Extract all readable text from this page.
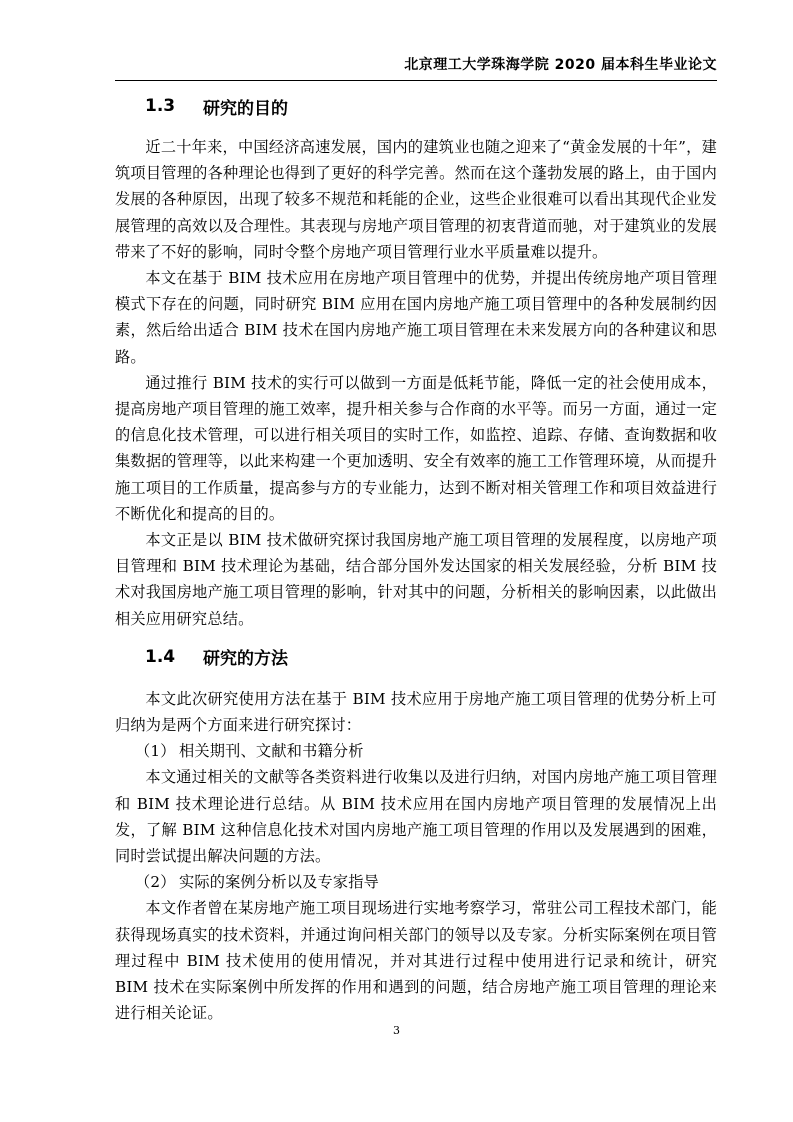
北京理工大学珠海学院 2020 届本科生毕业论文
1.3	研究的目的

近二十年来，中国经济高速发展，国内的建筑业也随之迎来了“黄金发展的十年”，建筑项目管理的各种理论也得到了更好的科学完善。然而在这个蓬勃发展的路上，由于国内发展的各种原因，出现了较多不规范和耗能的企业，这些企业很难可以看出其现代企业发展管理的高效以及合理性。其表现与房地产项目管理的初衷背道而驰，对于建筑业的发展带来了不好的影响，同时令整个房地产项目管理行业水平质量难以提升。

本文在基于 BIM 技术应用在房地产项目管理中的优势，并提出传统房地产项目管理模式下存在的问题，同时研究 BIM 应用在国内房地产施工项目管理中的各种发展制约因素，然后给出适合 BIM 技术在国内房地产施工项目管理在未来发展方向的各种建议和思路。

通过推行 BIM 技术的实行可以做到一方面是低耗节能，降低一定的社会使用成本，提高房地产项目管理的施工效率，提升相关参与合作商的水平等。而另一方面，通过一定的信息化技术管理，可以进行相关项目的实时工作，如监控、追踪、存储、查询数据和收集数据的管理等，以此来构建一个更加透明、安全有效率的施工工作管理环境，从而提升施工项目的工作质量，提高参与方的专业能力，达到不断对相关管理工作和项目效益进行不断优化和提高的目的。

本文正是以 BIM 技术做研究探讨我国房地产施工项目管理的发展程度，以房地产项目管理和 BIM 技术理论为基础，结合部分国外发达国家的相关发展经验，分析 BIM 技术对我国房地产施工项目管理的影响，针对其中的问题，分析相关的影响因素，以此做出相关应用研究总结。

1.4	研究的方法

本文此次研究使用方法在基于 BIM 技术应用于房地产施工项目管理的优势分析上可归纳为是两个方面来进行研究探讨：

（1） 相关期刊、文献和书籍分析

本文通过相关的文献等各类资料进行收集以及进行归纳，对国内房地产施工项目管理和 BIM 技术理论进行总结。从 BIM 技术应用在国内房地产项目管理的发展情况上出发，了解 BIM 这种信息化技术对国内房地产施工项目管理的作用以及发展遇到的困难，同时尝试提出解决问题的方法。

（2） 实际的案例分析以及专家指导

本文作者曾在某房地产施工项目现场进行实地考察学习，常驻公司工程技术部门，能获得现场真实的技术资料，并通过询问相关部门的领导以及专家。分析实际案例在项目管理过程中 BIM 技术使用的使用情况，并对其进行过程中使用进行记录和统计，研究 BIM 技术在实际案例中所发挥的作用和遇到的问题，结合房地产施工项目管理的理论来进行相关论证。

3
